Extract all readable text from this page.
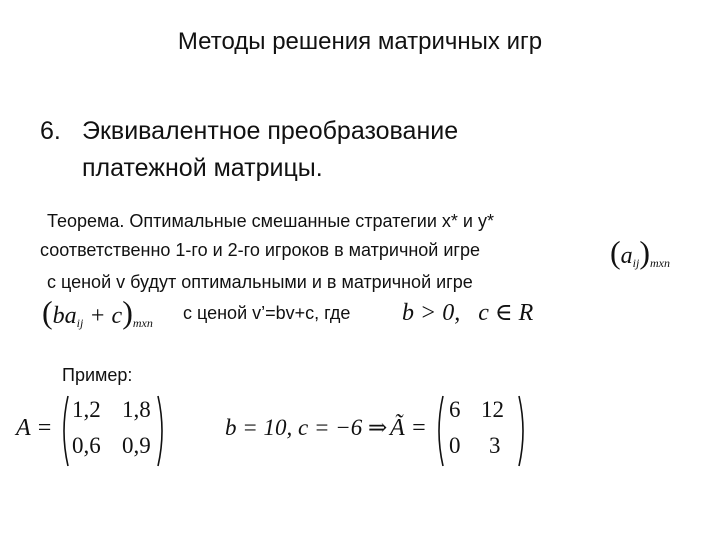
Методы решения матричных игр
6. Эквивалентное преобразование
платежной матрицы.
Теорема. Оптимальные смешанные стратегии x* и y*
соответственно 1-го и 2-го игроков в матричной игре
с ценой v будут оптимальными и в матричной игре
с ценой v’=bv+c, где
$(a_{ij})_{mxn}$
$(ba_{ij} + c)_{mxn}$	b > 0,   c ∈ R
Пример:
A =
1,2 1,8
0,6 0,9
b = 10, c = −6 ⇒ Ã =
6 12
0 3
